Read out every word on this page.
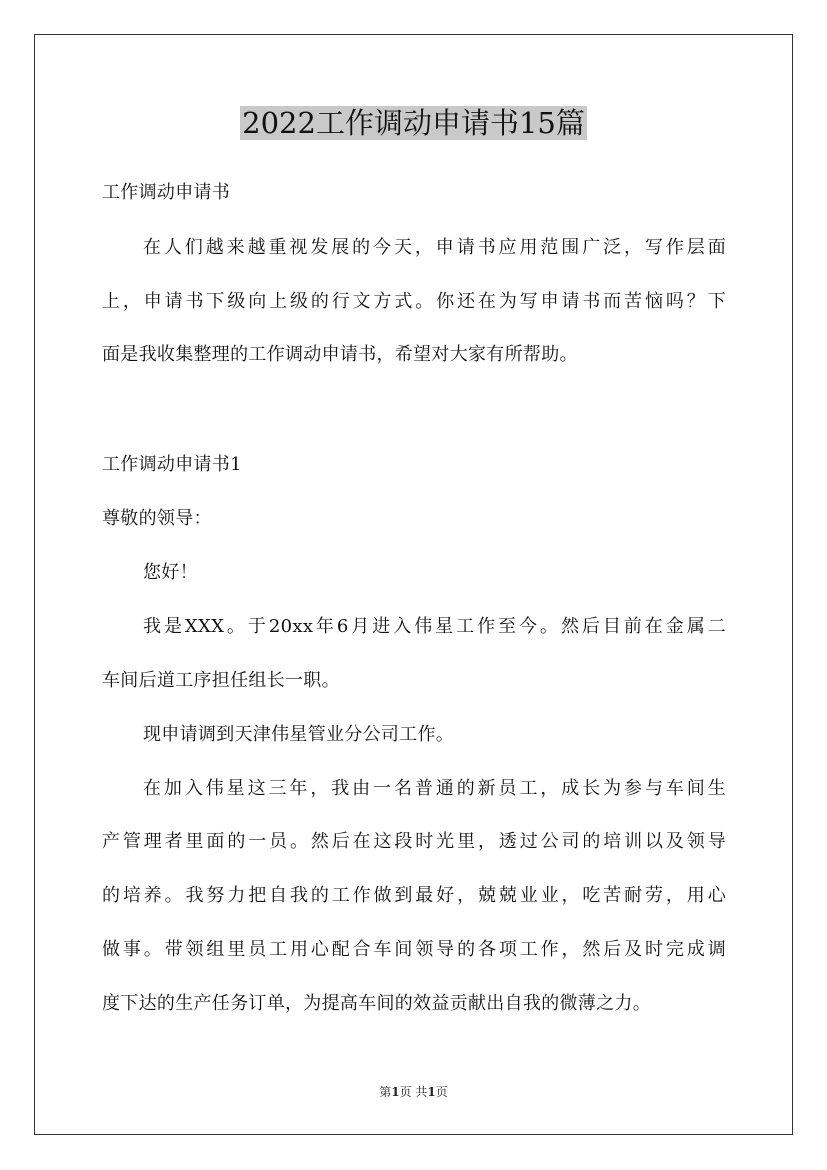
2022工作调动申请书15篇
工作调动申请书
在人们越来越重视发展的今天，申请书应用范围广泛，写作层面
上，申请书下级向上级的行文方式。你还在为写申请书而苦恼吗？下
面是我收集整理的工作调动申请书，希望对大家有所帮助。
工作调动申请书1
尊敬的领导：
您好！
我是XXX。于20xx年6月进入伟星工作至今。然后目前在金属二
车间后道工序担任组长一职。
现申请调到天津伟星管业分公司工作。
在加入伟星这三年，我由一名普通的新员工，成长为参与车间生
产管理者里面的一员。然后在这段时光里，透过公司的培训以及领导
的培养。我努力把自我的工作做到最好，兢兢业业，吃苦耐劳，用心
做事。带领组里员工用心配合车间领导的各项工作，然后及时完成调
度下达的生产任务订单，为提高车间的效益贡献出自我的微薄之力。
第1页 共1页
